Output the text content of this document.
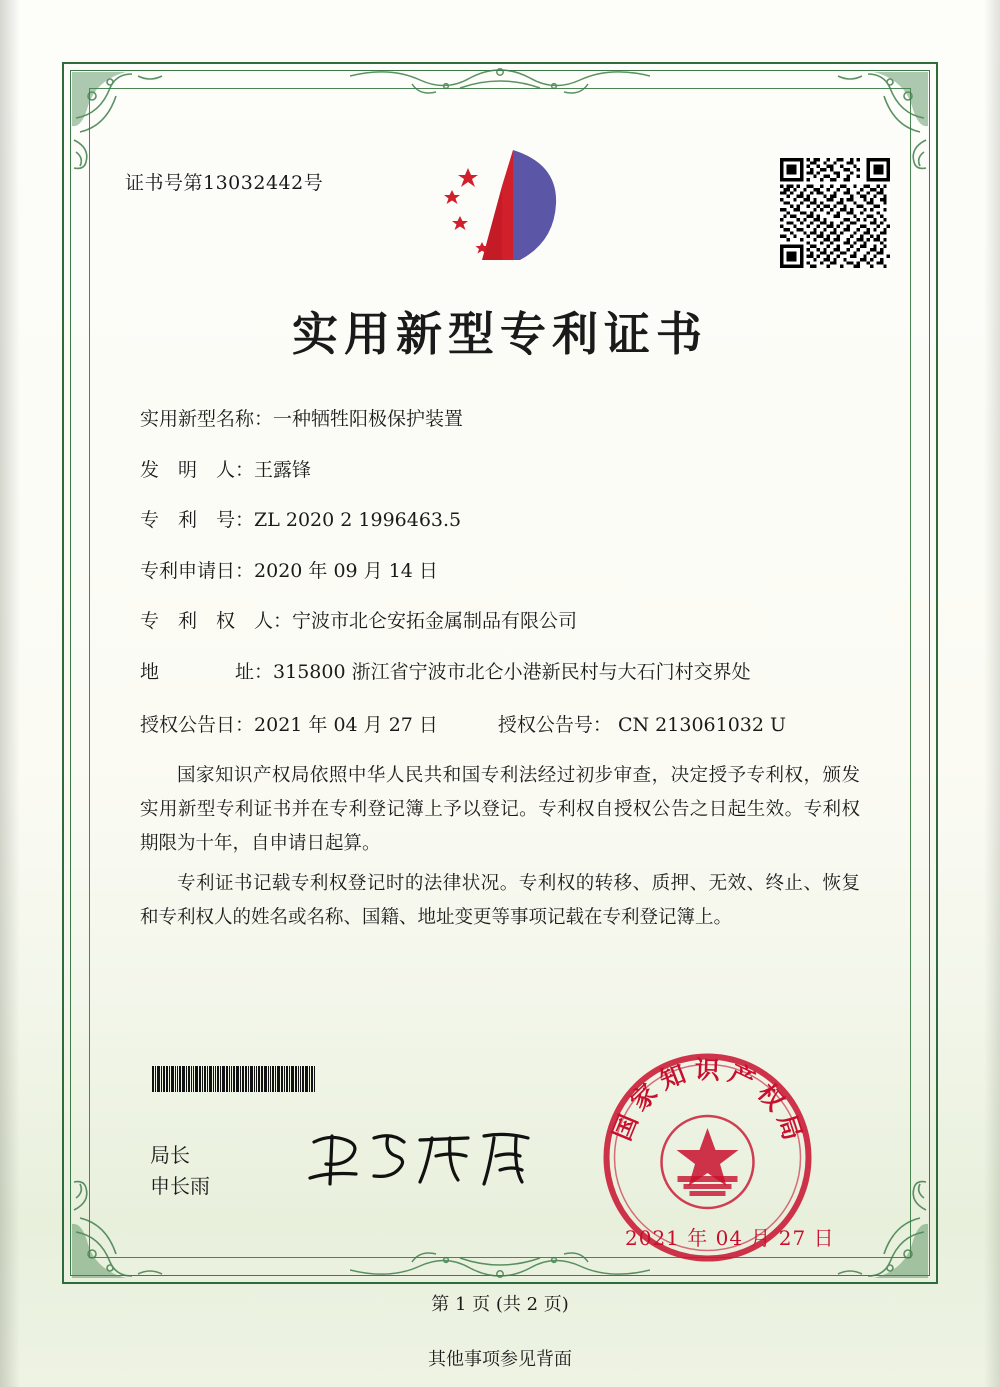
证书号第13032442号
实用新型专利证书
实用新型名称： 一种牺牲阳极保护装置
发　明　人： 王露锋
专　利　号： ZL 2020 2 1996463.5
专利申请日： 2020 年 09 月 14 日
专　利　权　人： 宁波市北仑安拓金属制品有限公司
地　　　　址： 315800 浙江省宁波市北仑小港新民村与大石门村交界处
授权公告日： 2021 年 04 月 27 日	授权公告号： CN 213061032 U
国家知识产权局依照中华人民共和国专利法经过初步审查，决定授予专利权，颁发实用新型专利证书并在专利登记簿上予以登记。专利权自授权公告之日起生效。专利权期限为十年，自申请日起算。
专利证书记载专利权登记时的法律状况。专利权的转移、质押、无效、终止、恢复和专利权人的姓名或名称、国籍、地址变更等事项记载在专利登记簿上。
局长
申长雨
国家知识产权局
2021 年 04 月 27 日
第 1 页 (共 2 页)
其他事项参见背面
